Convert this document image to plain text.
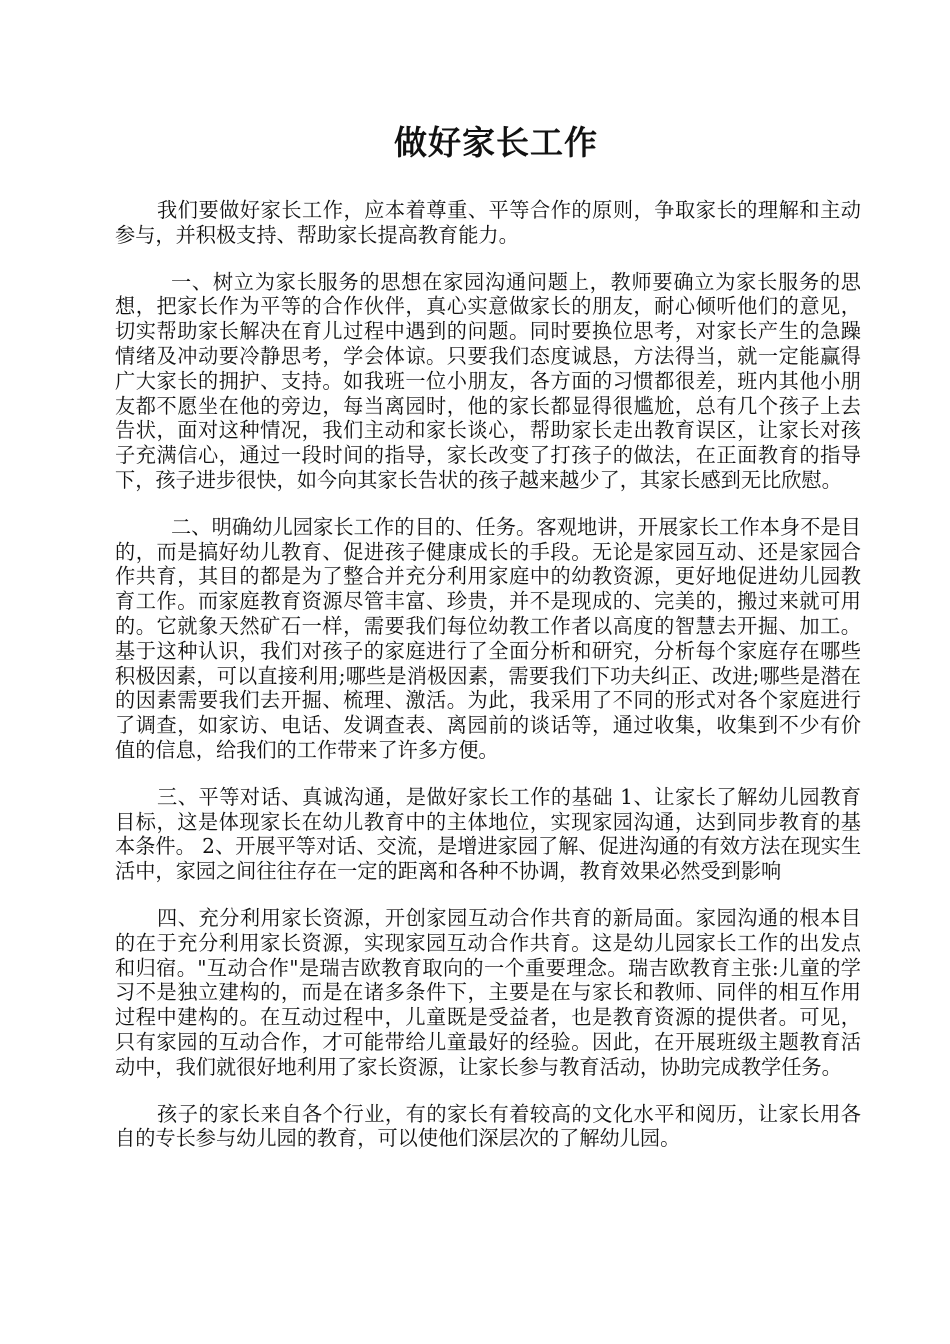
做好家长工作

我们要做好家长工作，应本着尊重、平等合作的原则，争取家长的理解和主动参与，并积极支持、帮助家长提高教育能力。

一、树立为家长服务的思想在家园沟通问题上，教师要确立为家长服务的思想，把家长作为平等的合作伙伴，真心实意做家长的朋友，耐心倾听他们的意见，切实帮助家长解决在育儿过程中遇到的问题。同时要换位思考，对家长产生的急躁情绪及冲动要冷静思考，学会体谅。只要我们态度诚恳，方法得当，就一定能赢得广大家长的拥护、支持。如我班一位小朋友，各方面的习惯都很差，班内其他小朋友都不愿坐在他的旁边，每当离园时，他的家长都显得很尴尬，总有几个孩子上去告状，面对这种情况，我们主动和家长谈心，帮助家长走出教育误区，让家长对孩子充满信心，通过一段时间的指导，家长改变了打孩子的做法，在正面教育的指导下，孩子进步很快，如今向其家长告状的孩子越来越少了，其家长感到无比欣慰。

二、明确幼儿园家长工作的目的、任务。客观地讲，开展家长工作本身不是目的，而是搞好幼儿教育、促进孩子健康成长的手段。无论是家园互动、还是家园合作共育，其目的都是为了整合并充分利用家庭中的幼教资源，更好地促进幼儿园教育工作。而家庭教育资源尽管丰富、珍贵，并不是现成的、完美的，搬过来就可用的。它就象天然矿石一样，需要我们每位幼教工作者以高度的智慧去开掘、加工。基于这种认识，我们对孩子的家庭进行了全面分析和研究，分析每个家庭存在哪些积极因素，可以直接利用;哪些是消极因素，需要我们下功夫纠正、改进;哪些是潜在的因素需要我们去开掘、梳理、激活。为此，我采用了不同的形式对各个家庭进行了调查，如家访、电话、发调查表、离园前的谈话等，通过收集，收集到不少有价值的信息，给我们的工作带来了许多方便。

三、平等对话、真诚沟通，是做好家长工作的基础 1、让家长了解幼儿园教育目标，这是体现家长在幼儿教育中的主体地位，实现家园沟通，达到同步教育的基本条件。 2、开展平等对话、交流，是增进家园了解、促进沟通的有效方法在现实生活中，家园之间往往存在一定的距离和各种不协调，教育效果必然受到影响

四、充分利用家长资源，开创家园互动合作共育的新局面。家园沟通的根本目的在于充分利用家长资源，实现家园互动合作共育。这是幼儿园家长工作的出发点和归宿。"互动合作"是瑞吉欧教育取向的一个重要理念。瑞吉欧教育主张:儿童的学习不是独立建构的，而是在诸多条件下，主要是在与家长和教师、同伴的相互作用过程中建构的。在互动过程中，儿童既是受益者，也是教育资源的提供者。可见，只有家园的互动合作，才可能带给儿童最好的经验。因此，在开展班级主题教育活动中，我们就很好地利用了家长资源，让家长参与教育活动，协助完成教学任务。

孩子的家长来自各个行业，有的家长有着较高的文化水平和阅历，让家长用各自的专长参与幼儿园的教育，可以使他们深层次的了解幼儿园。
